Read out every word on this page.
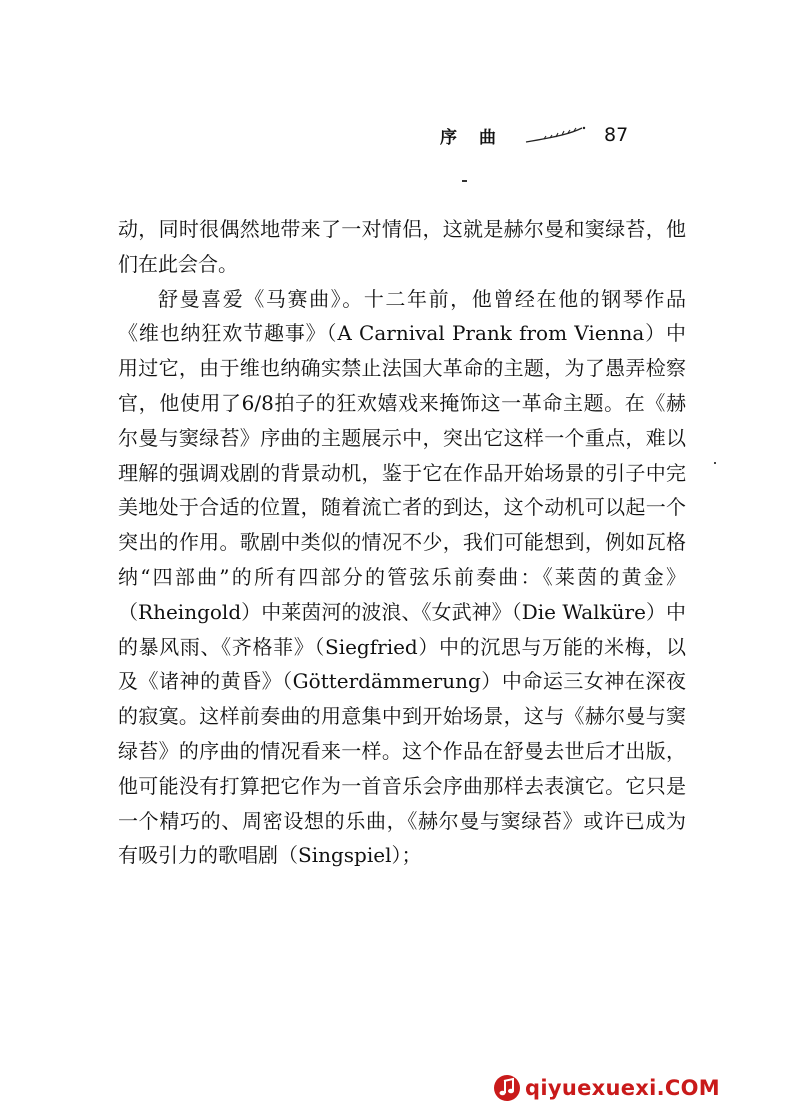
序曲	87

动，同时很偶然地带来了一对情侣，这就是赫尔曼和窦绿苔，他们在此会合。

舒曼喜爱《马赛曲》。十二年前，他曾经在他的钢琴作品《维也纳狂欢节趣事》（A Carnival Prank from Vienna）中用过它，由于维也纳确实禁止法国大革命的主题，为了愚弄检察官，他使用了6/8拍子的狂欢嬉戏来掩饰这一革命主题。在《赫尔曼与窦绿苔》序曲的主题展示中，突出它这样一个重点，难以理解的强调戏剧的背景动机，鉴于它在作品开始场景的引子中完美地处于合适的位置，随着流亡者的到达，这个动机可以起一个突出的作用。歌剧中类似的情况不少，我们可能想到，例如瓦格纳“四部曲”的所有四部分的管弦乐前奏曲：《莱茵的黄金》（Rheingold）中莱茵河的波浪、《女武神》（Die Walküre）中的暴风雨、《齐格菲》（Siegfried）中的沉思与万能的米梅，以及《诸神的黄昏》（Götterdämmerung）中命运三女神在深夜的寂寞。这样前奏曲的用意集中到开始场景，这与《赫尔曼与窦绿苔》的序曲的情况看来一样。这个作品在舒曼去世后才出版，他可能没有打算把它作为一首音乐会序曲那样去表演它。它只是一个精巧的、周密设想的乐曲，《赫尔曼与窦绿苔》或许已成为有吸引力的歌唱剧（Singspiel）；

qiyuexuexi.COM
